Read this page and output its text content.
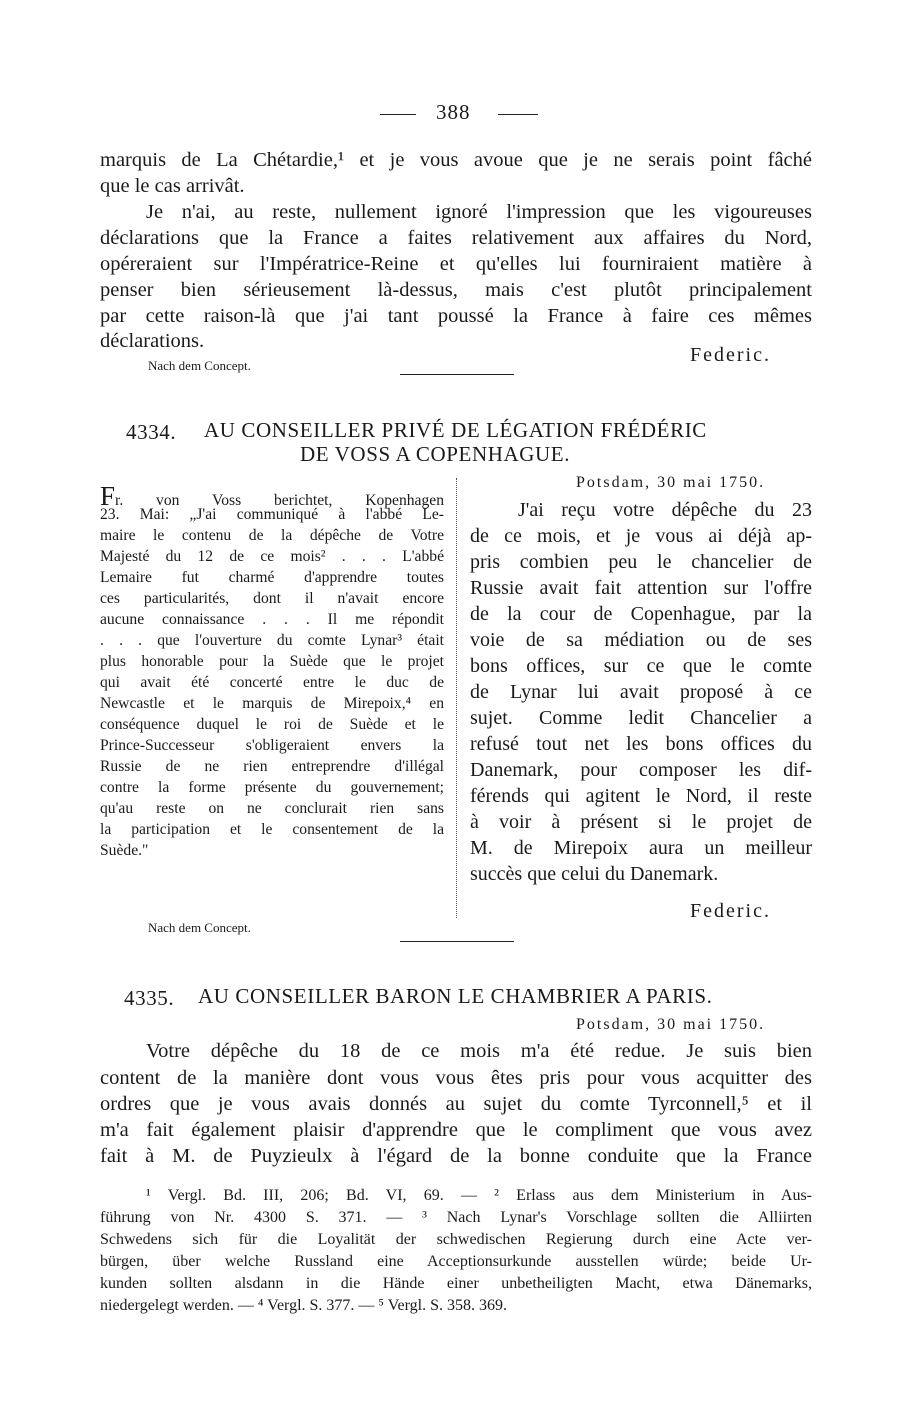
388
marquis de La Chétardie,¹ et je vous avoue que je ne serais point fâché
que le cas arrivât.
Je n'ai, au reste, nullement ignoré l'impression que les vigoureuses
déclarations que la France a faites relativement aux affaires du Nord,
opéreraient sur l'Impératrice-Reine et qu'elles lui fourniraient matière à
penser bien sérieusement là-dessus, mais c'est plutôt principalement
par cette raison-là que j'ai tant poussé la France à faire ces mêmes
déclarations.
Federic.
Nach dem Concept.
4334. AU CONSEILLER PRIVÉ DE LÉGATION FRÉDÉRIC
DE VOSS A COPENHAGUE.
Fr. von Voss berichtet, Kopenhagen
23. Mai: „J'ai communiqué à l'abbé Le-
maire le contenu de la dépêche de Votre
Majesté du 12 de ce mois² . . . L'abbé
Lemaire fut charmé d'apprendre toutes
ces particularités, dont il n'avait encore
aucune connaissance . . . Il me répondit
. . . que l'ouverture du comte Lynar³ était
plus honorable pour la Suède que le projet
qui avait été concerté entre le duc de
Newcastle et le marquis de Mirepoix,⁴ en
conséquence duquel le roi de Suède et le
Prince-Successeur s'obligeraient envers la
Russie de ne rien entreprendre d'illégal
contre la forme présente du gouvernement;
qu'au reste on ne conclurait rien sans
la participation et le consentement de la
Suède."
Potsdam, 30 mai 1750.
J'ai reçu votre dépêche du 23
de ce mois, et je vous ai déjà ap-
pris combien peu le chancelier de
Russie avait fait attention sur l'offre
de la cour de Copenhague, par la
voie de sa médiation ou de ses
bons offices, sur ce que le comte
de Lynar lui avait proposé à ce
sujet. Comme ledit Chancelier a
refusé tout net les bons offices du
Danemark, pour composer les dif-
férends qui agitent le Nord, il reste
à voir à présent si le projet de
M. de Mirepoix aura un meilleur
succès que celui du Danemark.
Federic.
Nach dem Concept.
4335. AU CONSEILLER BARON LE CHAMBRIER A PARIS.
Potsdam, 30 mai 1750.
Votre dépêche du 18 de ce mois m'a été redue. Je suis bien
content de la manière dont vous vous êtes pris pour vous acquitter des
ordres que je vous avais donnés au sujet du comte Tyrconnell,⁵ et il
m'a fait également plaisir d'apprendre que le compliment que vous avez
fait à M. de Puyzieulx à l'égard de la bonne conduite que la France
¹ Vergl. Bd. III, 206; Bd. VI, 69. — ² Erlass aus dem Ministerium in Aus-
führung von Nr. 4300 S. 371. — ³ Nach Lynar's Vorschlage sollten die Alliirten
Schwedens sich für die Loyalität der schwedischen Regierung durch eine Acte ver-
bürgen, über welche Russland eine Acceptionsurkunde ausstellen würde; beide Ur-
kunden sollten alsdann in die Hände einer unbetheiligten Macht, etwa Dänemarks,
niedergelegt werden. — ⁴ Vergl. S. 377. — ⁵ Vergl. S. 358. 369.
